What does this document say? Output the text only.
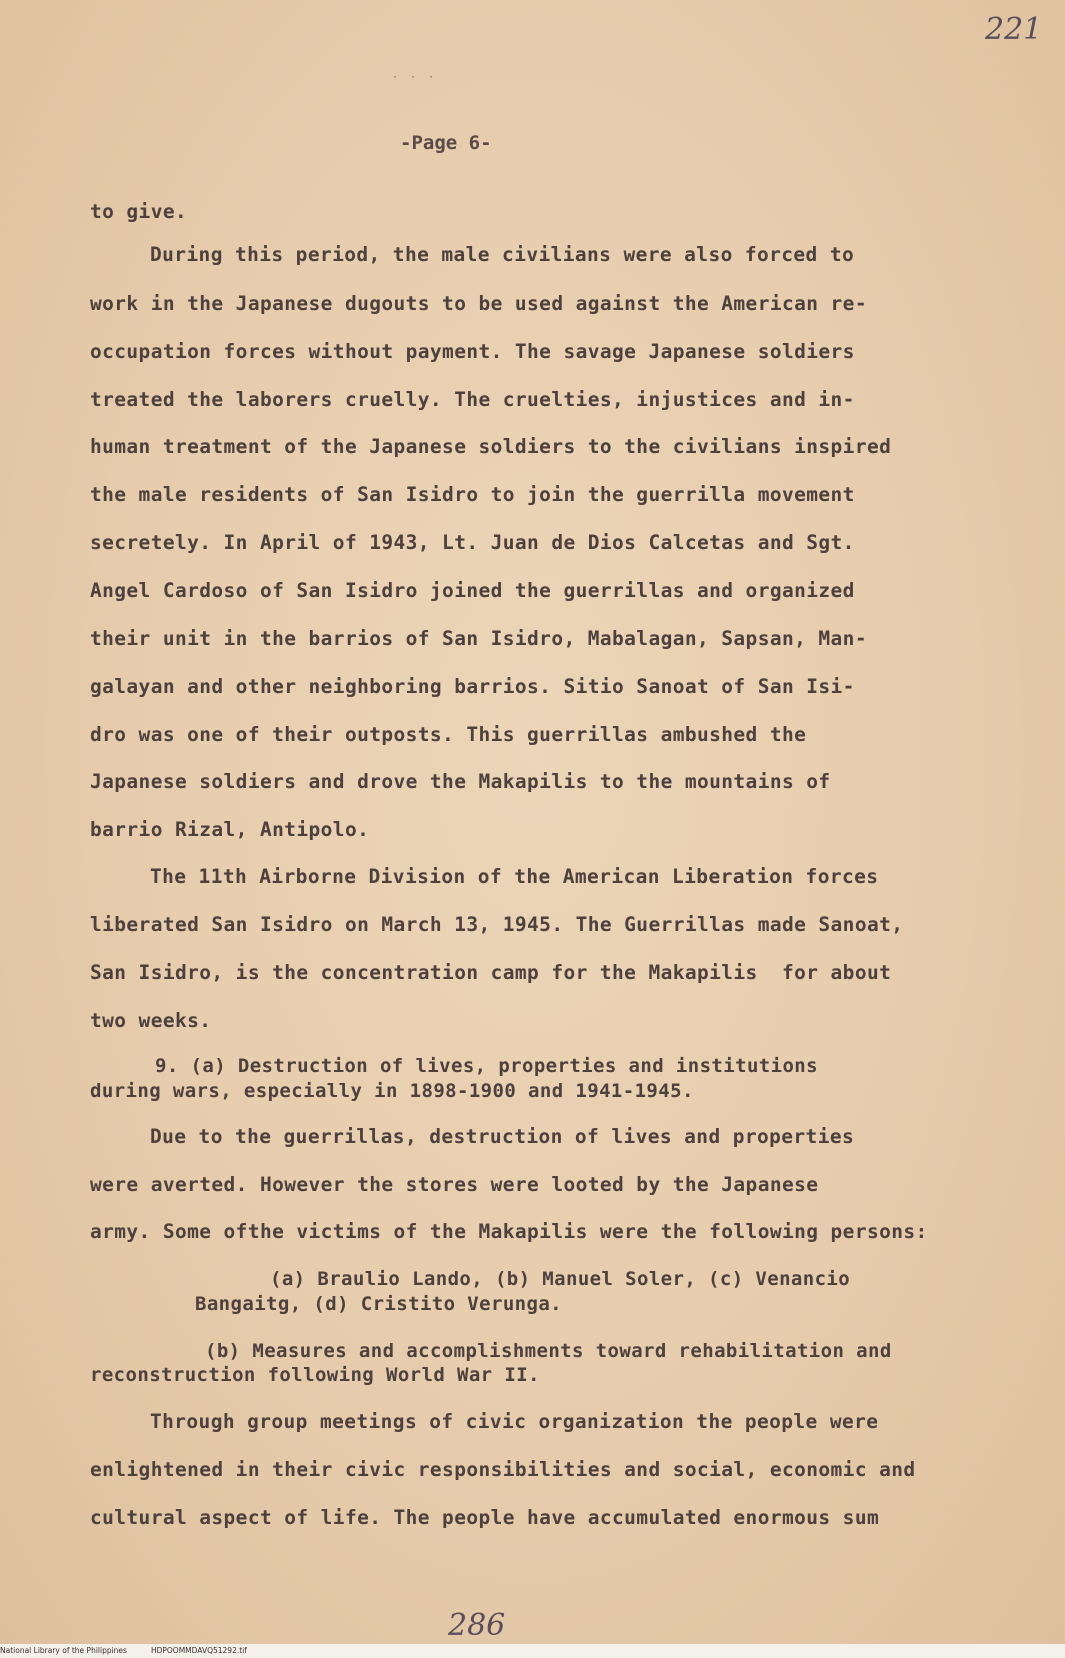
221
···
-Page 6-
to give.
During this period, the male civilians were also forced to
work in the Japanese dugouts to be used against the American re-
occupation forces without payment. The savage Japanese soldiers
treated the laborers cruelly. The cruelties, injustices and in-
human treatment of the Japanese soldiers to the civilians inspired
the male residents of San Isidro to join the guerrilla movement
secretely. In April of 1943, Lt. Juan de Dios Calcetas and Sgt.
Angel Cardoso of San Isidro joined the guerrillas and organized
their unit in the barrios of San Isidro, Mabalagan, Sapsan, Man-
galayan and other neighboring barrios. Sitio Sanoat of San Isi-
dro was one of their outposts. This guerrillas ambushed the
Japanese soldiers and drove the Makapilis to the mountains of
barrio Rizal, Antipolo.
The 11th Airborne Division of the American Liberation forces
liberated San Isidro on March 13, 1945. The Guerrillas made Sanoat,
San Isidro, is the concentration camp for the Makapilis  for about
two weeks.
9. (a) Destruction of lives, properties and institutions
during wars, especially in 1898-1900 and 1941-1945.
Due to the guerrillas, destruction of lives and properties
were averted. However the stores were looted by the Japanese
army. Some ofthe victims of the Makapilis were the following persons:
(a) Braulio Lando, (b) Manuel Soler, (c) Venancio
Bangaitg, (d) Cristito Verunga.
(b) Measures and accomplishments toward rehabilitation and
reconstruction following World War II.
Through group meetings of civic organization the people were
enlightened in their civic responsibilities and social, economic and
cultural aspect of life. The people have accumulated enormous sum
286
National Library of the Philippines	HDPOOMMDAVQ51292.tif
